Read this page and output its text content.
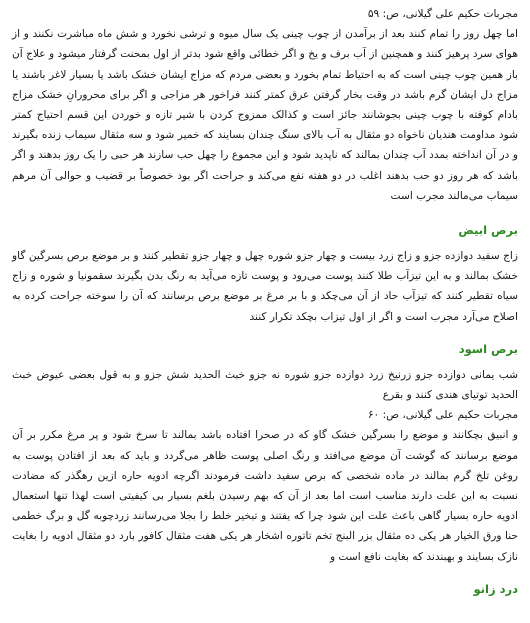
مجربات حکیم علی گیلانی، ص: ۵۹
اما چهل روز را تمام کنند بعد از برآمدن از چوب چینی یک سال میوه و ترشی نخورد و شش ماه مباشرت نکنند و از هوای سرد پرهیز کنند و همچنین از آب برف و یخ و اگر خطائی واقع شود بدتر از اول بمحنت گرفتار میشود و علاج آن باز همین چوب چینی است که به احتیاط تمام بخورد و بعضی مردم که مزاج ایشان خشک باشد یا بسیار لاغر باشند یا مزاج دل ایشان گرم باشد در وقت بخار گرفتن عرق کمتر کنند فراخور هر مزاجی و اگر برای محرورانِ خشک مزاج بادام کوفته با چوب چینی بجوشانند جائز است و کذالک ممزوج کردن با شیر تازه و خوردن این قسم احتیاج کمتر شود مداومت هندیان ناخواه دو مثقال به آب بالای سنگ چندان بسایند که خمیر شود و سه مثقال سیماب زنده بگیرند و در آن انداخته بمدد آب چندان بمالند که ناپدید شود و این مجموع را چهل حب سازند هر حبی را یک روز بدهند و اگر باشد که هر روز دو حب بدهند اغلب در دو هفته نفع می‌کند و جراحت اگر بود خصوصاً بر قضیب و حوالی آن مرهم سیماب می‌مالند مجرب است

برص ابیض

زاج سفید دوازده جزو و زاج زرد بیست و چهار جزو شوره چهل و چهار جزو تقطیر کنند و بر موضع برص بسرگین گاو خشک بمالند و به این تیزآب طلا کنند پوست می‌رود و پوست تازه می‌آید به رنگ بدن بگیرند سقمونیا و شوره و زاج سیاه تقطیر کنند که تیزآب حاد از آن می‌چکد و با بر مرغ بر موضع برص برسانند که آن را سوخته جراحت کرده به اصلاح می‌آرد مجرب است و اگر از اول تیزاب بچکد تکرار کنند

برص اسود

شب یمانی دوازده جزو زرنیخ زرد دوازده جزو شوره نه جزو خبث الحدید شش جزو و به قول بعضی عیوض خبث الحدید توتیای هندی کنند و بقرع
مجربات حکیم علی گیلانی، ص: ۶۰
و انبیق بچکانند و موضع را بسرگین خشک گاو که در صحرا افتاده باشد بمالند تا سرخ شود و پر مرغ مکرر بر آن موضع برسانند که گوشت آن موضع می‌افتد و رنگ اصلی پوست ظاهر می‌گردد و باید که بعد از افتادن پوست به روغن تلخ گرم بمالند در ماده شخصی که برص سفید داشت فرمودند اگرچه ادویه حاره ازین رهگذر که مضادت نسبت به این علت دارند مناسب است اما بعد از آن که بهم رسیدن بلغم بسیار بی کیفیتی است لهذا تنها استعمال ادویه حاره بسیار گاهی باعث علت این شود چرا که یفتند و تبخیر خلط را بجلا می‌رسانند زردچوبه گل و برگ خطمی حنا ورق الخیار هر یکی ده مثقال بزر البنج تخم تاتوره اشخار هر یکی هفت مثقال کافور بارد دو مثقال ادویه را بغایت نازک بسایند و بهبندند که بغایت نافع است و

درد زانو
